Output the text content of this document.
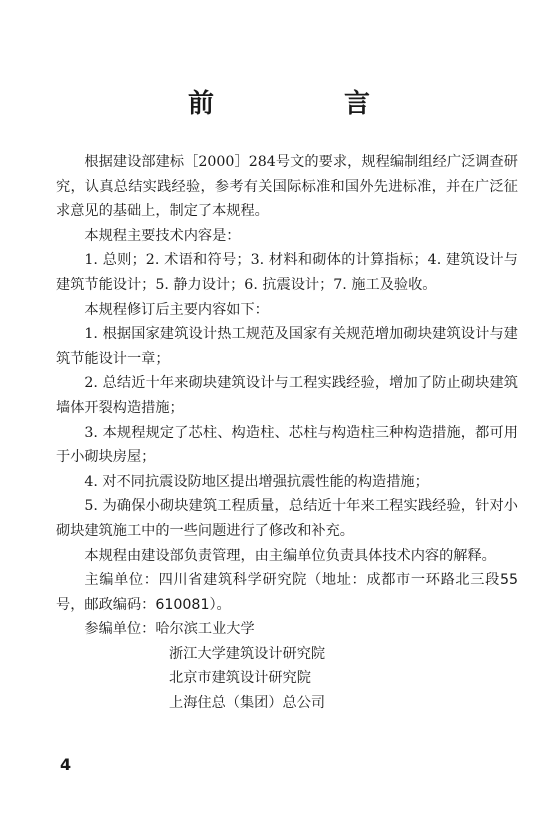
前　言

根据建设部建标［2000］284号文的要求，规程编制组经广泛调查研究，认真总结实践经验，参考有关国际标准和国外先进标准，并在广泛征求意见的基础上，制定了本规程。

本规程主要技术内容是：

1. 总则；2. 术语和符号；3. 材料和砌体的计算指标；4. 建筑设计与建筑节能设计；5. 静力设计；6. 抗震设计；7. 施工及验收。

本规程修订后主要内容如下：

1. 根据国家建筑设计热工规范及国家有关规范增加砌块建筑设计与建筑节能设计一章；

2. 总结近十年来砌块建筑设计与工程实践经验，增加了防止砌块建筑墙体开裂构造措施；

3. 本规程规定了芯柱、构造柱、芯柱与构造柱三种构造措施，都可用于小砌块房屋；

4. 对不同抗震设防地区提出增强抗震性能的构造措施；

5. 为确保小砌块建筑工程质量，总结近十年来工程实践经验，针对小砌块建筑施工中的一些问题进行了修改和补充。

本规程由建设部负责管理，由主编单位负责具体技术内容的解释。

主编单位：四川省建筑科学研究院（地址：成都市一环路北三段55号，邮政编码：610081）。

参编单位：哈尔滨工业大学
浙江大学建筑设计研究院
北京市建筑设计研究院
上海住总（集团）总公司
4
